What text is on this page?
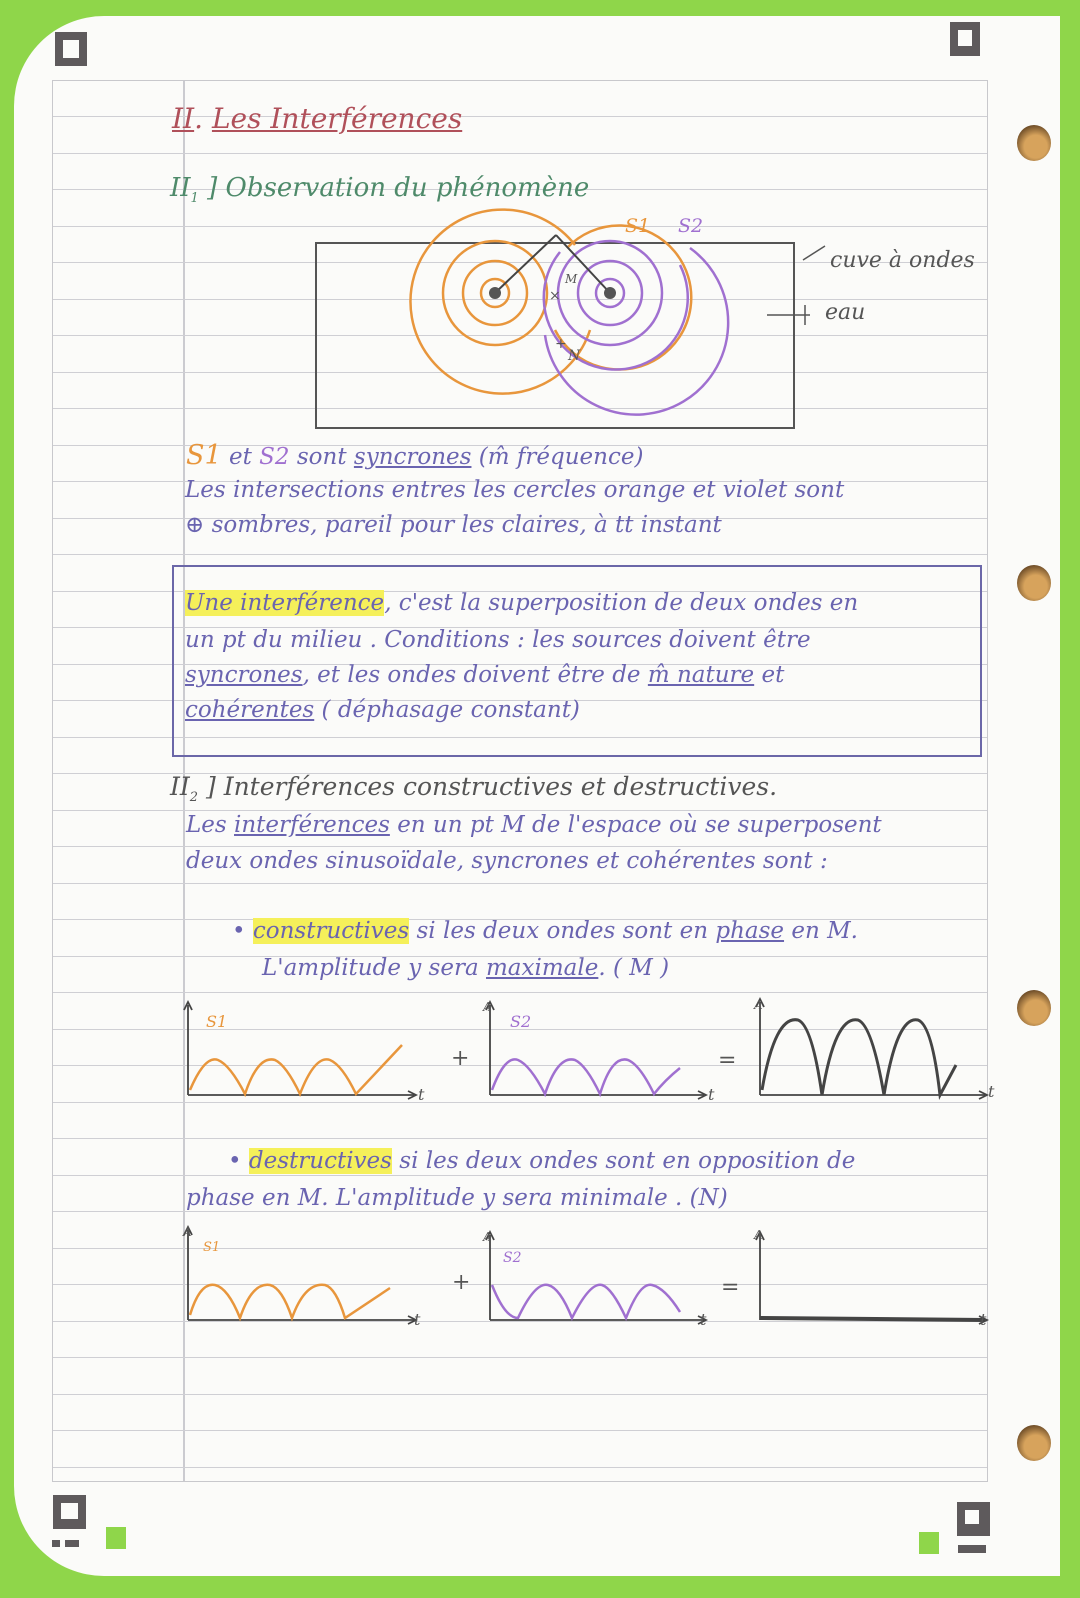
II. Les Interférences
$II_1$ ] Observation du phénomène
S1 S2
M
×
+
N
cuve à ondes
eau
S1 et S2 sont syncrones (m̂ fréquence)
Les intersections entres les cercles orange et violet sont
⊕ sombres, pareil pour les claires, à tt instant
Une interférence, c'est la superposition de deux ondes en
un pt du milieu . Conditions : les sources doivent être
syncrones, et les ondes doivent être de m̂ nature et
cohérentes ( déphasage constant)
$II_2$ ] Interférences constructives et destructives.
Les interférences en un pt M de l'espace où se superposent
deux ondes sinusoïdale, syncrones et cohérentes sont :
• constructives si les deux ondes sont en phase en M.
L'amplitude y sera maximale. ( M )
S1	S2
A	A
+	=
t	t	t
• destructives si les deux ondes sont en opposition de
phase en M. L'amplitude y sera minimale . (N)
S1
S2
A	A	A
+	=
t	t	t
